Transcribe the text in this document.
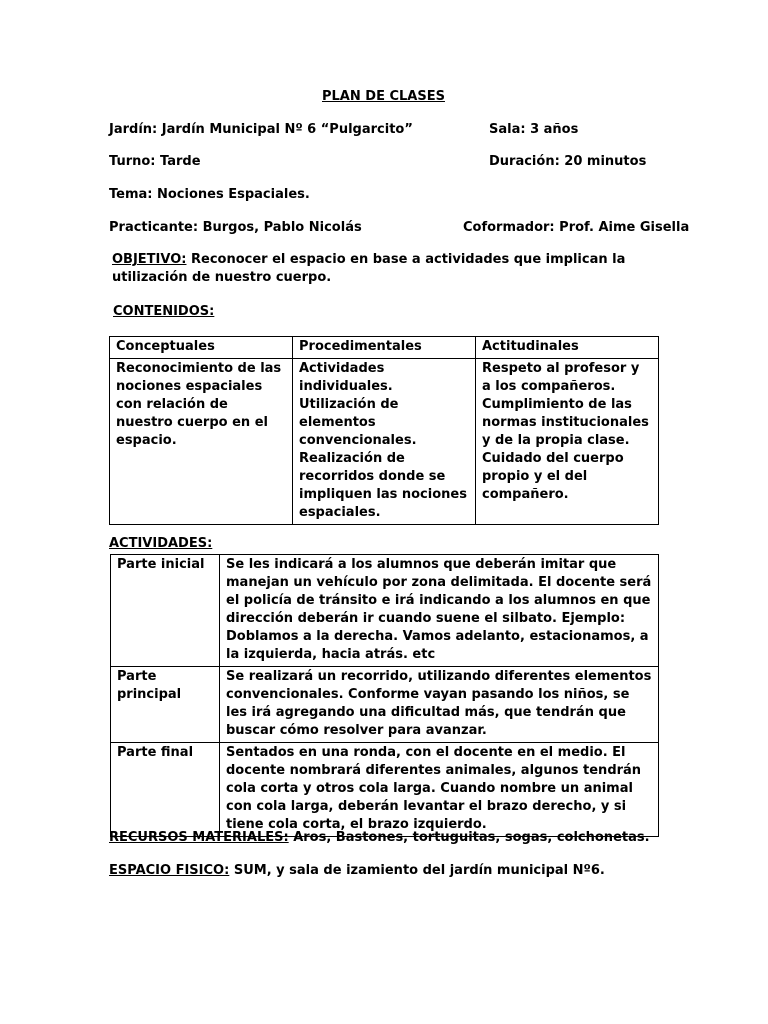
PLAN DE CLASES
Jardín: Jardín Municipal Nº 6 “Pulgarcito”	Sala: 3 años
Turno: Tarde	Duración: 20 minutos
Tema: Nociones Espaciales.
Practicante: Burgos, Pablo Nicolás	Coformador: Prof. Aime Gisella
OBJETIVO: Reconocer el espacio en base a actividades que implican la utilización de nuestro cuerpo.
CONTENIDOS:
Conceptuales	Procedimentales	Actitudinales
Reconocimiento de las nociones espaciales con relación de nuestro cuerpo en el espacio.	Actividades individuales. Utilización de elementos convencionales. Realización de recorridos donde se impliquen las nociones espaciales.	Respeto al profesor y a los compañeros. Cumplimiento de las normas institucionales y de la propia clase. Cuidado del cuerpo propio y el del compañero.
ACTIVIDADES:
Parte inicial	Se les indicará a los alumnos que deberán imitar que manejan un vehículo por zona delimitada. El docente será el policía de tránsito e irá indicando a los alumnos en que dirección deberán ir cuando suene el silbato. Ejemplo: Doblamos a la derecha. Vamos adelanto, estacionamos, a la izquierda, hacia atrás. etc
Parte principal	Se realizará un recorrido, utilizando diferentes elementos convencionales. Conforme vayan pasando los niños, se les irá agregando una dificultad más, que tendrán que buscar cómo resolver para avanzar.
Parte final	Sentados en una ronda, con el docente en el medio. El docente nombrará diferentes animales, algunos tendrán cola corta y otros cola larga. Cuando nombre un animal con cola larga, deberán levantar el brazo derecho, y si tiene cola corta, el brazo izquierdo.
RECURSOS MATERIALES: Aros, Bastones, tortuguitas, sogas, colchonetas.
ESPACIO FISICO: SUM, y sala de izamiento del jardín municipal Nº6.
